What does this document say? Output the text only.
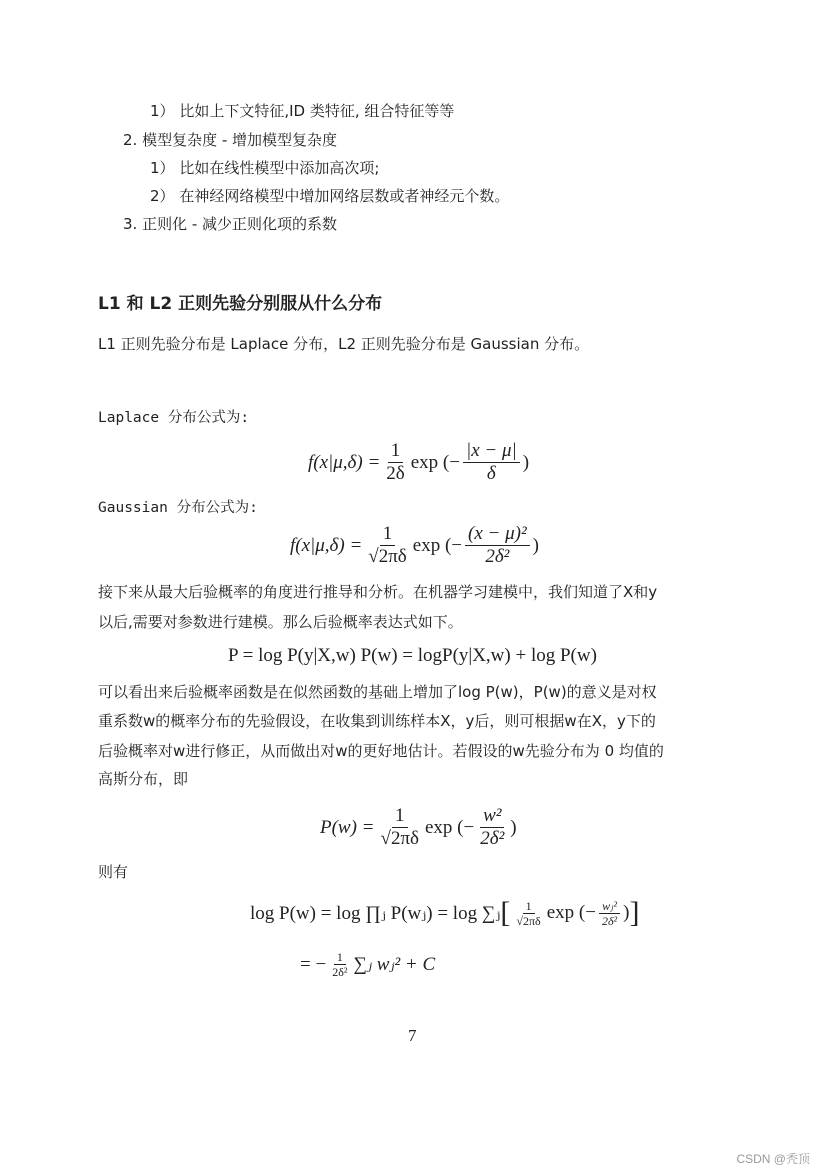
1） 比如上下文特征,ID 类特征, 组合特征等等
2. 模型复杂度 - 增加模型复杂度
1） 比如在线性模型中添加高次项;
2） 在神经网络模型中增加网络层数或者神经元个数。
3. 正则化 - 减少正则化项的系数
L1 和 L2 正则先验分别服从什么分布
L1 正则先验分布是 Laplace 分布，L2 正则先验分布是 Gaussian 分布。
Laplace 分布公式为:
$f(x|\mu,\delta) = \frac{1}{2\delta}$ exp (− $\frac{|x - \mu|}{\delta}$ )
Gaussian 分布公式为:
$f(x|\mu,\delta) = \frac{1}{√2\pi\delta}$ exp (− $\frac{\text{(x − μ)²}}{\text{2δ²}}$ )
接下来从最大后验概率的角度进行推导和分析。在机器学习建模中，我们知道了X和y
以后,需要对参数进行建模。那么后验概率表达式如下。
P = log P(y|X,w) P(w) = logP(y|X,w) + log P(w)
可以看出来后验概率函数是在似然函数的基础上增加了log P(w)，P(w)的意义是对权
重系数w的概率分布的先验假设，在收集到训练样本X，y后，则可根据w在X，y下的
后验概率对w进行修正，从而做出对w的更好地估计。若假设的w先验分布为 0 均值的
高斯分布，即
$P(w) = \frac{1}{√2\pi\delta}$ exp (− $\frac{\text{w²}}{\text{2δ²}}$ )
则有
log P(w) = log ∏ⱼ P(wⱼ) = log ∑ⱼ [ $\frac{1}{√2\pi\delta}$ exp (− $\frac{\text{wⱼ²}}{\text{2δ²}}$ ) ]
= − $\frac{1}{\text{2δ²}}$ ∑ⱼ wⱼ² + C
7
CSDN @秃顶
